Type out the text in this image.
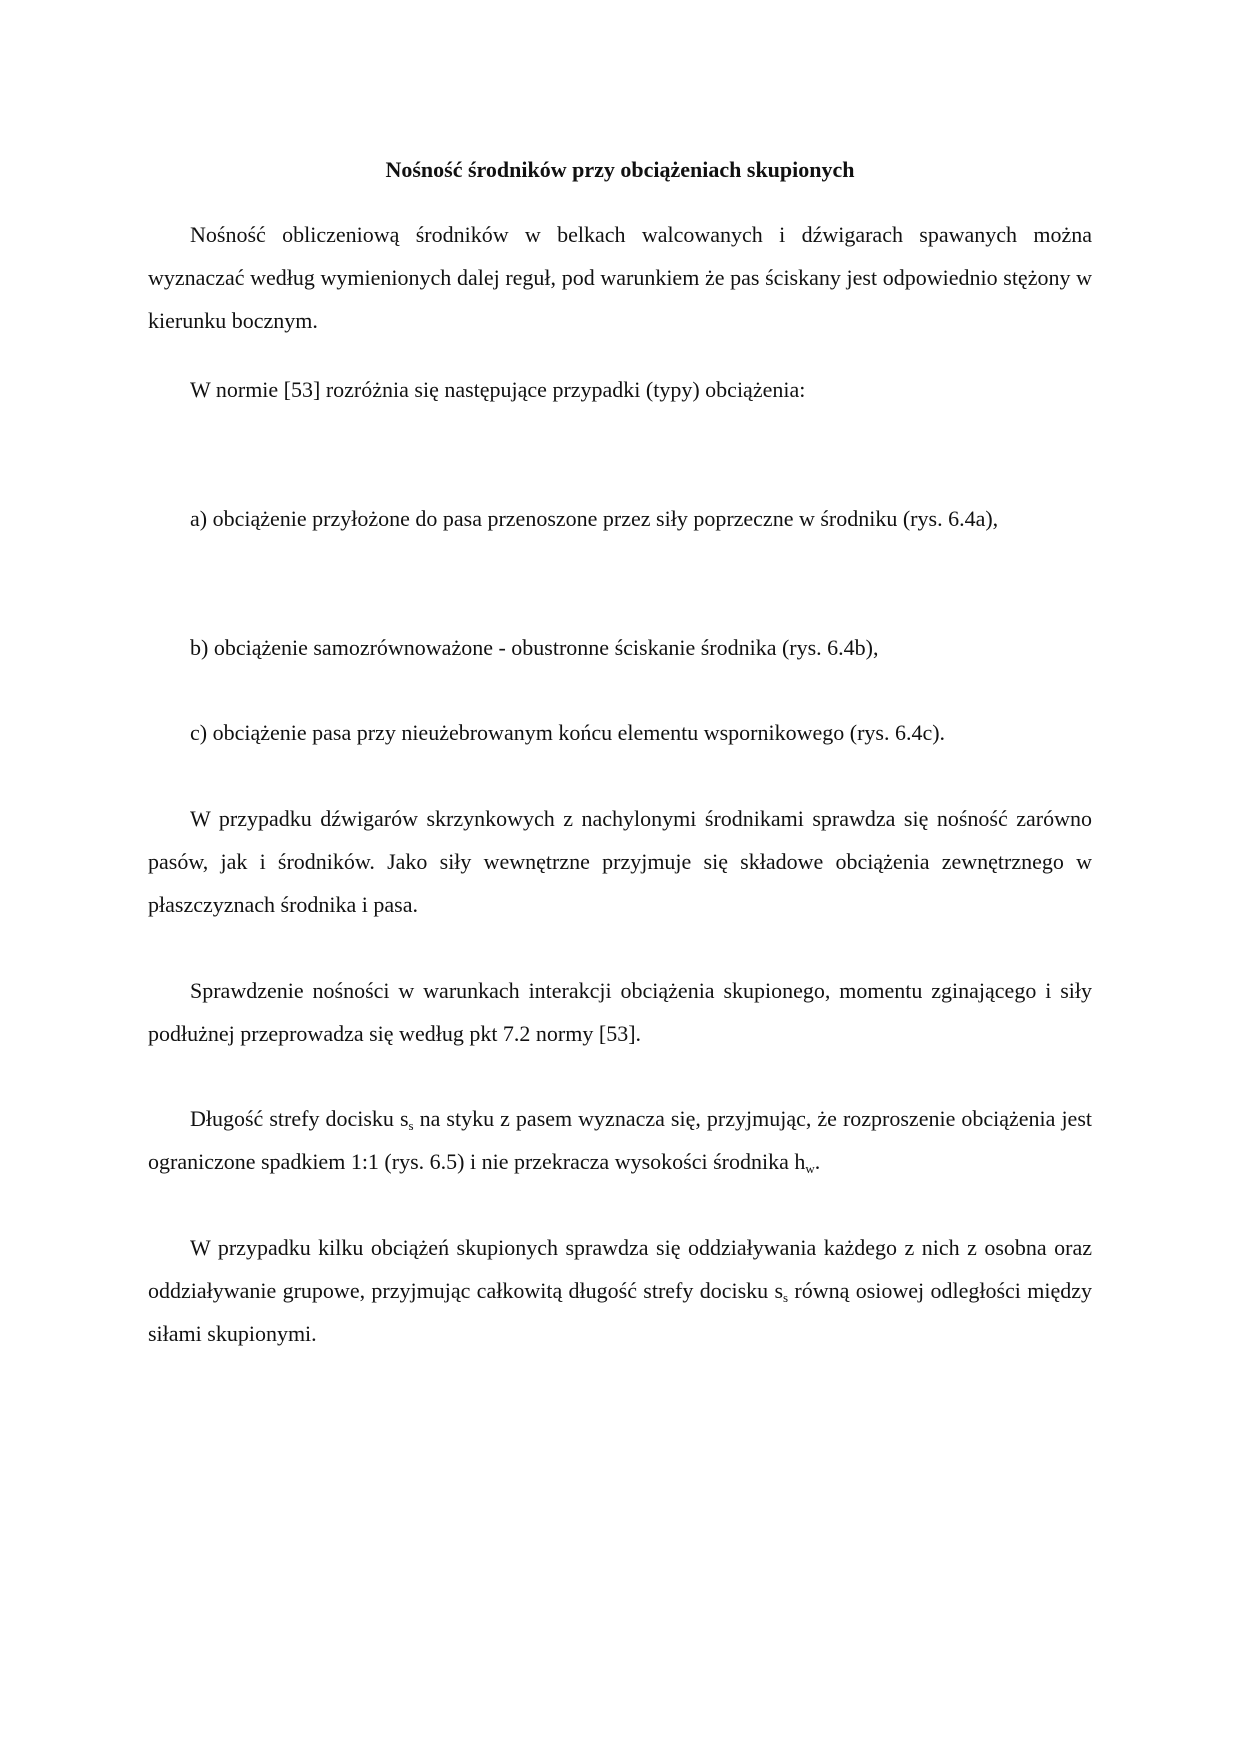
Nośność środników przy obciążeniach skupionych

Nośność obliczeniową środników w belkach walcowanych i dźwigarach spawanych można wyznaczać według wymienionych dalej reguł, pod warunkiem że pas ściskany jest odpowiednio stężony w kierunku bocznym.

W normie [53] rozróżnia się następujące przypadki (typy) obciążenia:

a) obciążenie przyłożone do pasa przenoszone przez siły poprzeczne w środniku (rys. 6.4a),

b) obciążenie samozrównoważone - obustronne ściskanie środnika (rys. 6.4b),

c) obciążenie pasa przy nieużebrowanym końcu elementu wspornikowego (rys. 6.4c).

W przypadku dźwigarów skrzynkowych z nachylonymi środnikami sprawdza się nośność zarówno pasów, jak i środników. Jako siły wewnętrzne przyjmuje się składowe obciążenia zewnętrznego w płaszczyznach środnika i pasa.

Sprawdzenie nośności w warunkach interakcji obciążenia skupionego, momentu zginającego i siły podłużnej przeprowadza się według pkt 7.2 normy [53].

Długość strefy docisku $s_s$ na styku z pasem wyznacza się, przyjmując, że rozproszenie obciążenia jest ograniczone spadkiem 1:1 (rys. 6.5) i nie przekracza wysokości środnika $h_w$.

W przypadku kilku obciążeń skupionych sprawdza się oddziaływania każdego z nich z osobna oraz oddziaływanie grupowe, przyjmując całkowitą długość strefy docisku $s_s$ równą osiowej odległości między siłami skupionymi.
